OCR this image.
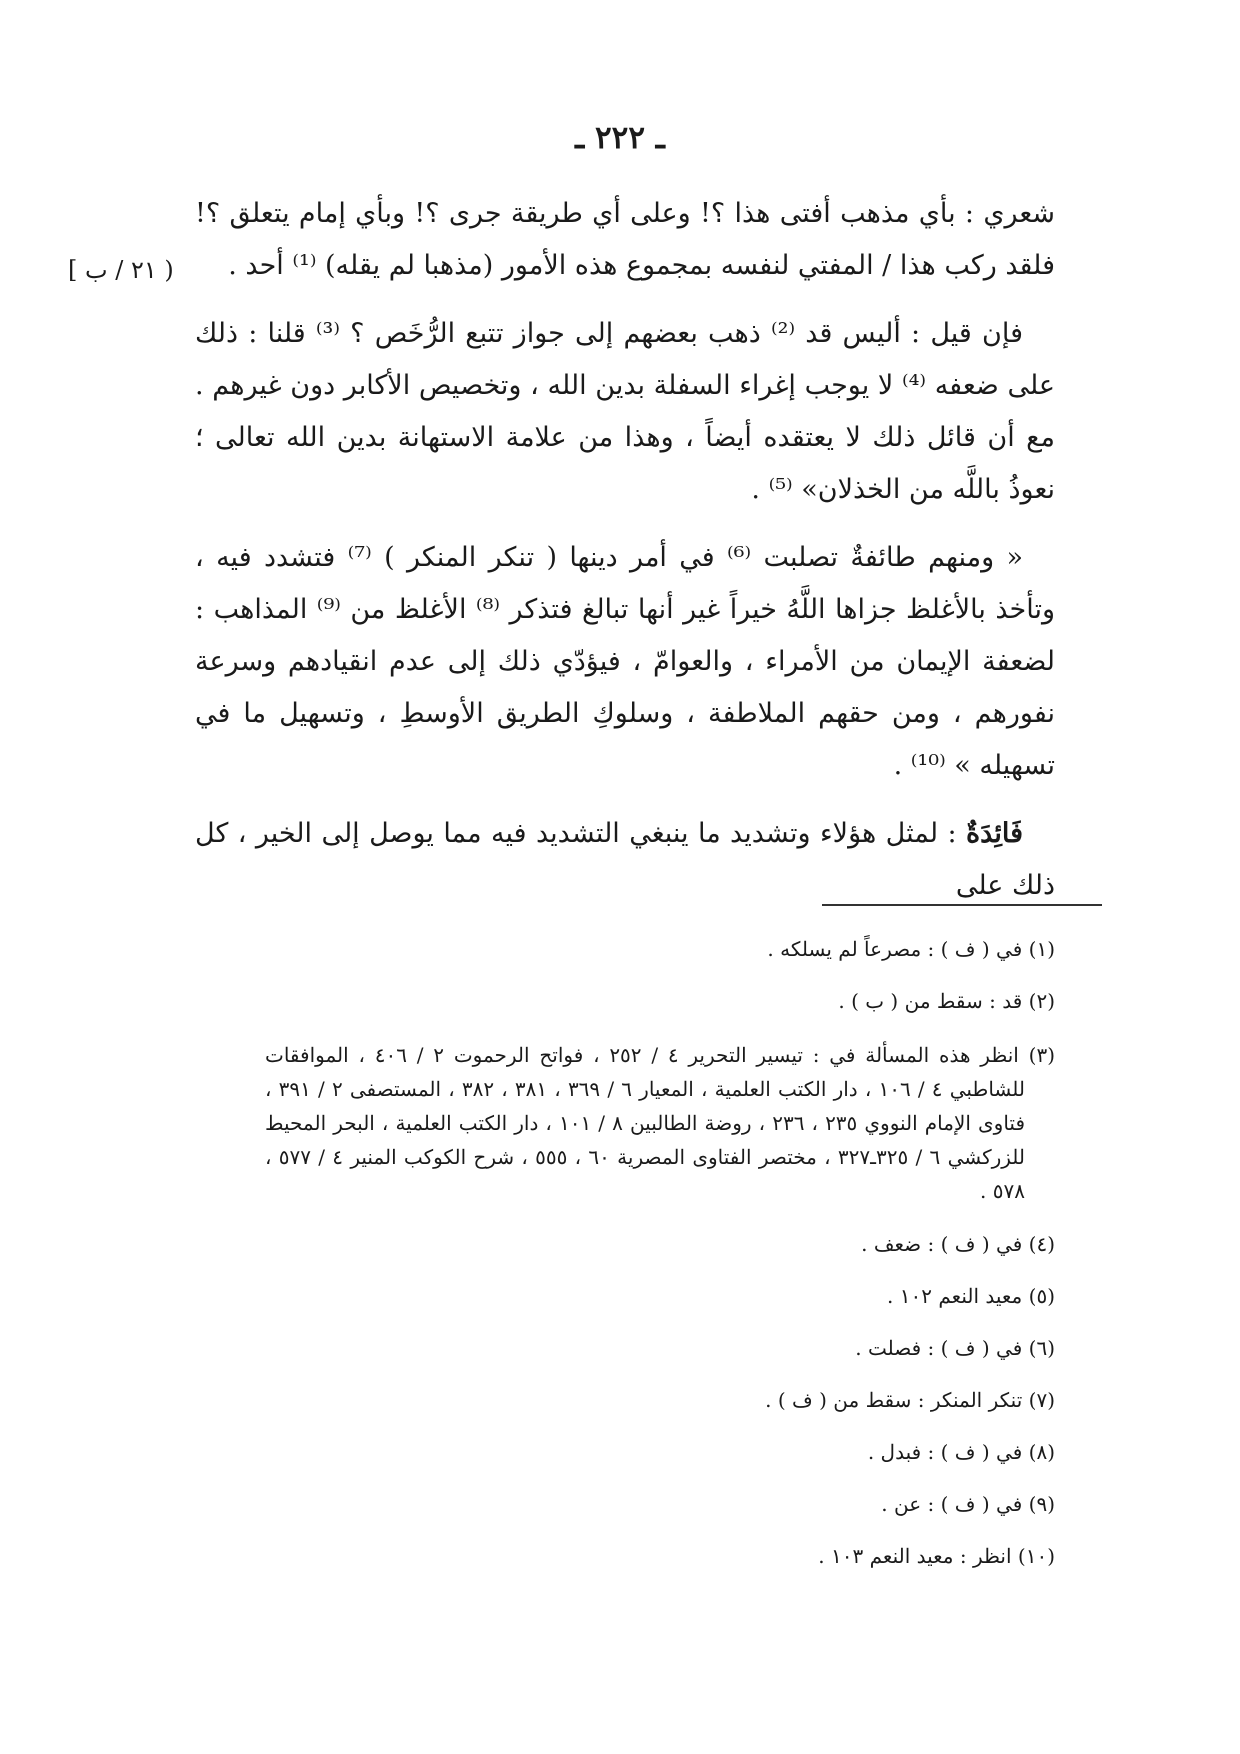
ـ ٢٢٢ ـ
( ٢١ / ب ]

شعري : بأي مذهب أفتى هذا ؟! وعلى أي طريقة جرى ؟! وبأي إمام يتعلق ؟! فلقد ركب هذا / المفتي لنفسه بمجموع هذه الأمور (مذهبا لم يقله) ⁽¹⁾ أحد .

فإن قيل : أليس قد ⁽²⁾ ذهب بعضهم إلى جواز تتبع الرُّخَص ؟ ⁽³⁾ قلنا : ذلك على ضعفه ⁽⁴⁾ لا يوجب إغراء السفلة بدين الله ، وتخصيص الأكابر دون غيرهم . مع أن قائل ذلك لا يعتقده أيضاً ، وهذا من علامة الاستهانة بدين الله تعالى ؛ نعوذُ باللَّه من الخذلان» ⁽⁵⁾ .

« ومنهم طائفةٌ تصلبت ⁽⁶⁾ في أمر دينها ( تنكر المنكر ) ⁽⁷⁾ فتشدد فيه ، وتأخذ بالأغلظ جزاها اللَّهُ خيراً غير أنها تبالغ فتذكر ⁽⁸⁾ الأغلظ من ⁽⁹⁾ المذاهب : لضعفة الإيمان من الأمراء ، والعوامّ ، فيؤدّي ذلك إلى عدم انقيادهم وسرعة نفورهم ، ومن حقهم الملاطفة ، وسلوكِ الطريق الأوسطِ ، وتسهيل ما في تسهيله » ⁽¹⁰⁾ .

فَائِدَةٌ : لمثل هؤلاء وتشديد ما ينبغي التشديد فيه مما يوصل إلى الخير ، كل ذلك على

(١) في ( ف ) : مصرعاً لم يسلكه .
(٢) قد : سقط من ( ب ) .
(٣) انظر هذه المسألة في : تيسير التحرير ٤ / ٢٥٢ ، فواتح الرحموت ٢ / ٤٠٦ ، الموافقات للشاطبي ٤ / ١٠٦ ، دار الكتب العلمية ، المعيار ٦ / ٣٦٩ ، ٣٨١ ، ٣٨٢ ، المستصفى ٢ / ٣٩١ ، فتاوى الإمام النووي ٢٣٥ ، ٢٣٦ ، روضة الطالبين ٨ / ١٠١ ، دار الكتب العلمية ، البحر المحيط للزركشي ٦ / ٣٢٥ـ٣٢٧ ، مختصر الفتاوى المصرية ٦٠ ، ٥٥٥ ، شرح الكوكب المنير ٤ / ٥٧٧ ، ٥٧٨ .
(٤) في ( ف ) : ضعف .
(٥) معيد النعم ١٠٢ .
(٦) في ( ف ) : فصلت .
(٧) تنكر المنكر : سقط من ( ف ) .
(٨) في ( ف ) : فبدل .
(٩) في ( ف ) : عن .
(١٠) انظر : معيد النعم ١٠٣ .
